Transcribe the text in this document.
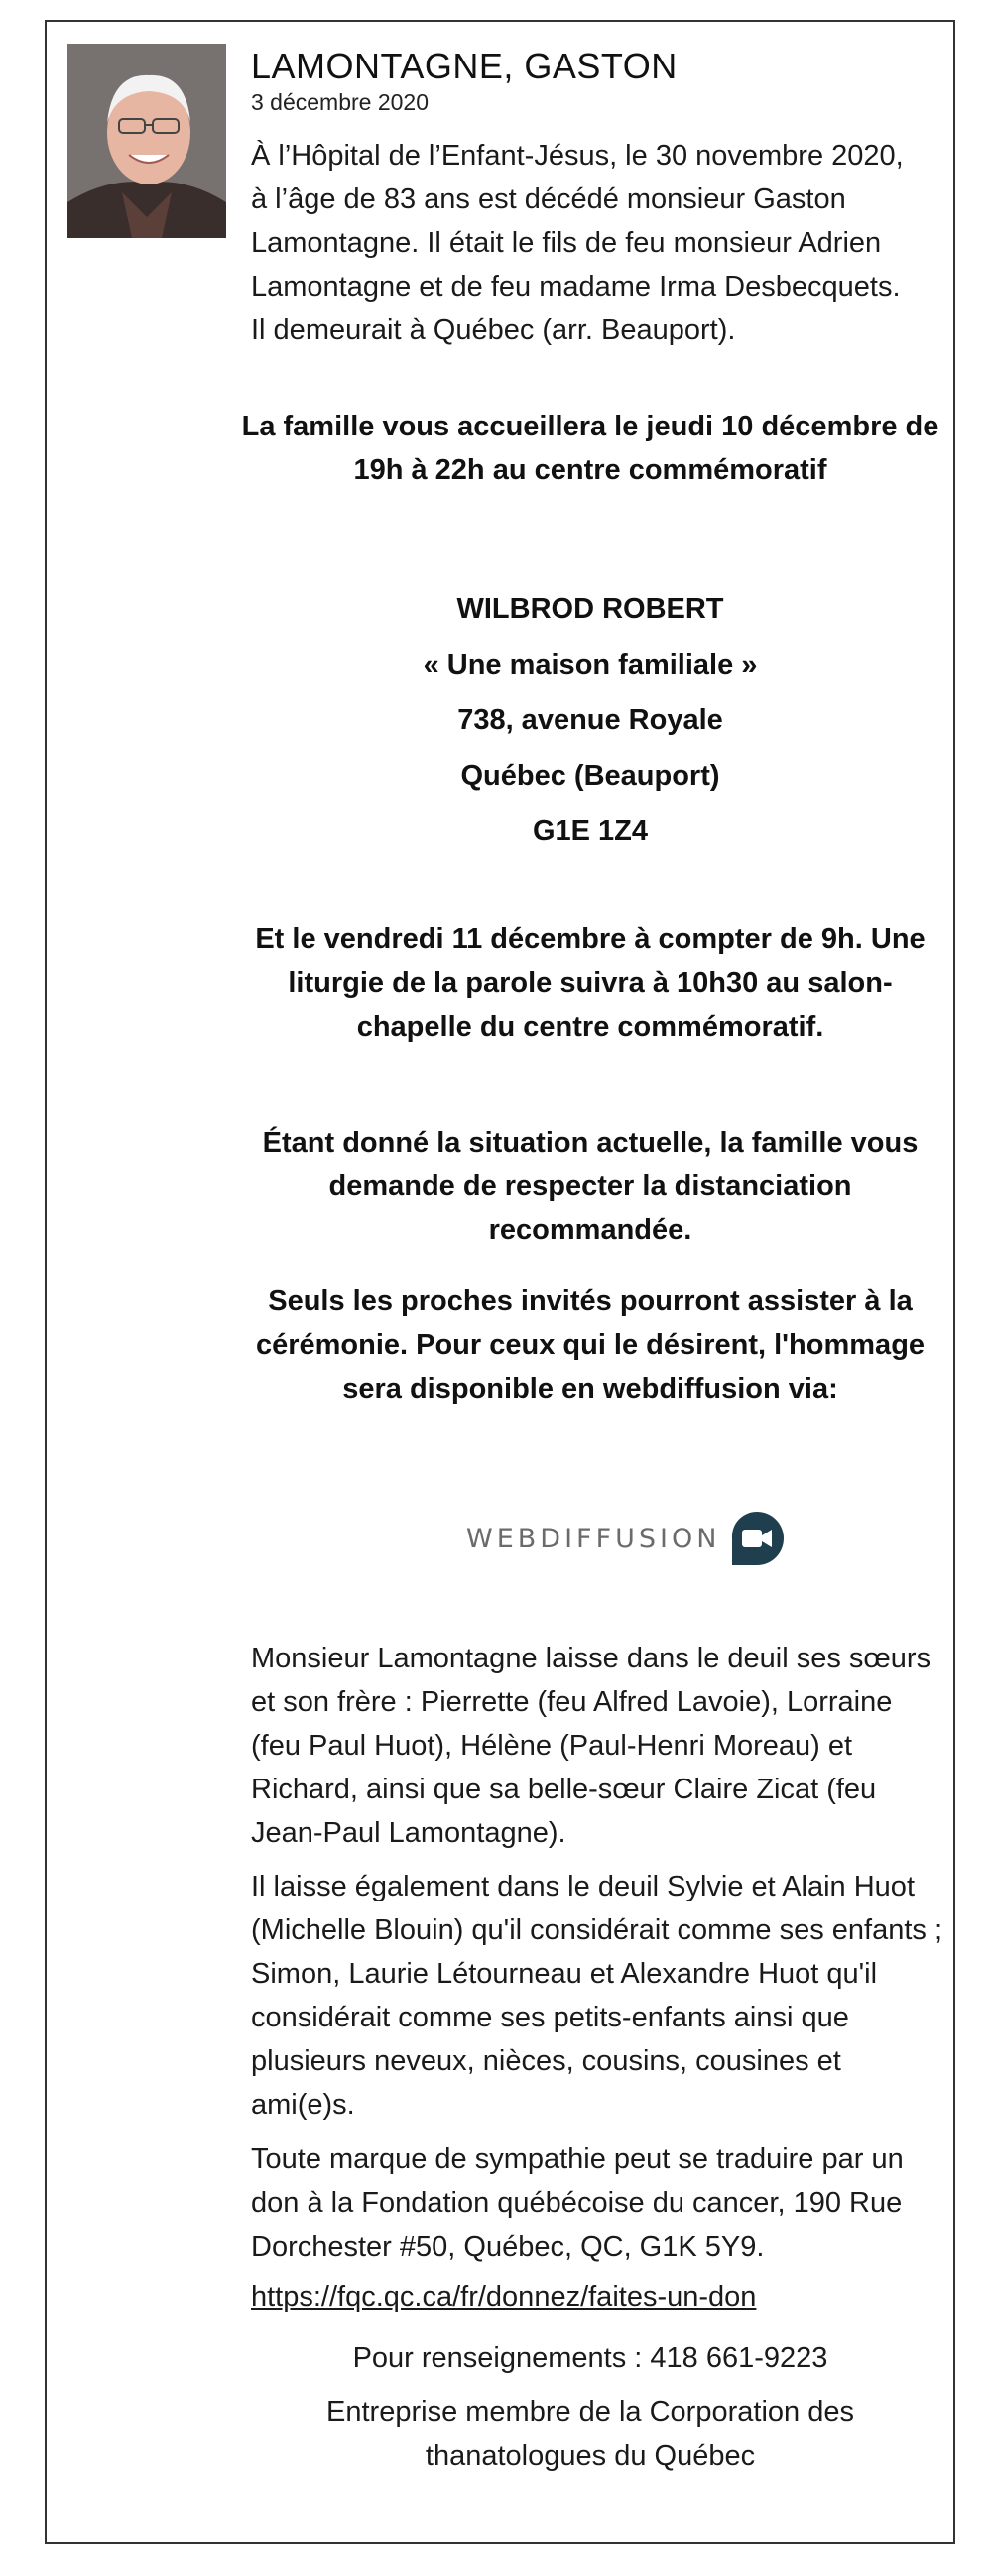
LAMONTAGNE, GASTON
3 décembre 2020

À l’Hôpital de l’Enfant-Jésus, le 30 novembre 2020, à l’âge de 83 ans est décédé monsieur Gaston Lamontagne. Il était le fils de feu monsieur Adrien Lamontagne et de feu madame Irma Desbecquets. Il demeurait à Québec (arr. Beauport).

La famille vous accueillera le jeudi 10 décembre de 19h à 22h au centre commémoratif

WILBROD ROBERT
« Une maison familiale »
738, avenue Royale
Québec (Beauport)
G1E 1Z4

Et le vendredi 11 décembre à compter de 9h. Une liturgie de la parole suivra à 10h30 au salon-chapelle du centre commémoratif.

Étant donné la situation actuelle, la famille vous demande de respecter la distanciation recommandée.

Seuls les proches invités pourront assister à la cérémonie. Pour ceux qui le désirent, l'hommage sera disponible en webdiffusion via:

WEBDIFFUSION

Monsieur Lamontagne laisse dans le deuil ses sœurs et son frère : Pierrette (feu Alfred Lavoie), Lorraine (feu Paul Huot), Hélène (Paul-Henri Moreau) et Richard, ainsi que sa belle-sœur Claire Zicat (feu Jean-Paul Lamontagne).

Il laisse également dans le deuil Sylvie et Alain Huot (Michelle Blouin) qu'il considérait comme ses enfants ; Simon, Laurie Létourneau et Alexandre Huot qu'il considérait comme ses petits-enfants ainsi que plusieurs neveux, nièces, cousins, cousines et ami(e)s.

Toute marque de sympathie peut se traduire par un don à la Fondation québécoise du cancer, 190 Rue Dorchester #50, Québec, QC, G1K 5Y9.

https://fqc.qc.ca/fr/donnez/faites-un-don

Pour renseignements : 418 661-9223

Entreprise membre de la Corporation des thanatologues du Québec
